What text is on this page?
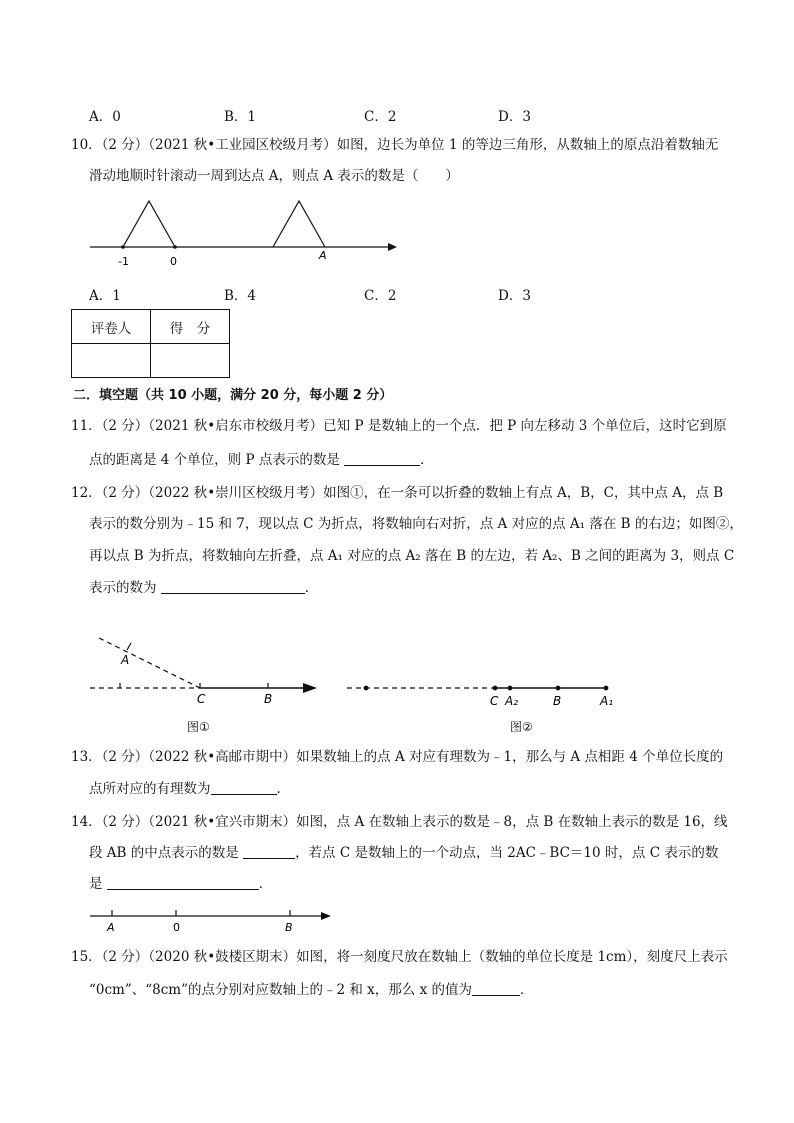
A．0	B．1	C．2	D．3
10．（2 分）（2021 秋•工业园区校级月考）如图，边长为单位 1 的等边三角形，从数轴上的原点沿着数轴无
滑动地顺时针滚动一周到达点 A，则点 A 表示的数是（　　）
-1	0	A
A．1	B．4	C．2	D．3
评卷人	得　分

二．填空题（共 10 小题，满分 20 分，每小题 2 分）
11．（2 分）（2021 秋•启东市校级月考）已知 P 是数轴上的一个点．把 P 向左移动 3 个单位后，这时它到原
点的距离是 4 个单位，则 P 点表示的数是	．
12．（2 分）（2022 秋•崇川区校级月考）如图①，在一条可以折叠的数轴上有点 A，B，C，其中点 A，点 B
表示的数分别为﹣15 和 7，现以点 C 为折点，将数轴向右对折，点 A 对应的点 A₁ 落在 B 的右边；如图②，
再以点 B 为折点，将数轴向左折叠，点 A₁ 对应的点 A₂ 落在 B 的左边，若 A₂、B 之间的距离为 3，则点 C
表示的数为	．
A
C	B
图①
C A₂	B	A₁
图②
13．（2 分）（2022 秋•高邮市期中）如果数轴上的点 A 对应有理数为﹣1，那么与 A 点相距 4 个单位长度的
点所对应的有理数为	．
14．（2 分）（2021 秋•宜兴市期末）如图，点 A 在数轴上表示的数是﹣8，点 B 在数轴上表示的数是 16，线
段 AB 的中点表示的数是	，若点 C 是数轴上的一个动点，当 2AC﹣BC＝10 时，点 C 表示的数
是	．
A	0	B
15．（2 分）（2020 秋•鼓楼区期末）如图，将一刻度尺放在数轴上（数轴的单位长度是 1cm），刻度尺上表示
“0cm”、“8cm”的点分别对应数轴上的﹣2 和 x，那么 x 的值为	．
